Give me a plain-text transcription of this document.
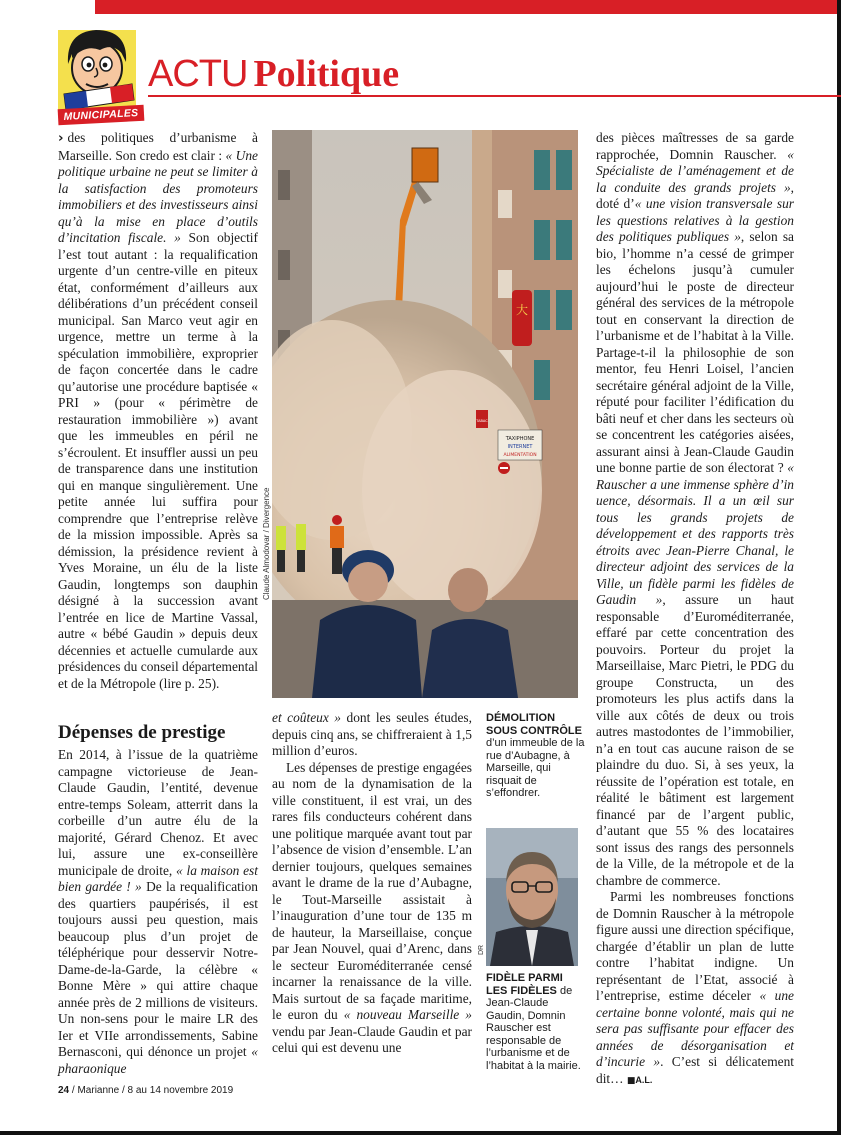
MUNICIPALES
ACTU Politique

› des politiques d’urbanisme à Marseille. Son credo est clair : « Une politique urbaine ne peut se limiter à la satisfaction des promoteurs immobiliers et des investisseurs ainsi qu’à la mise en place d’outils d’incitation fiscale. » Son objectif l’est tout autant : la requalification urgente d’un centre-ville en piteux état, conformément d’ailleurs aux délibérations d’un précédent conseil municipal. San Marco veut agir en urgence, mettre un terme à la spéculation immobilière, exproprier de façon concertée dans le cadre qu’autorise une procédure baptisée « PRI » (pour « périmètre de restauration immobilière ») avant que les immeubles en péril ne s’écroulent. Et insuffler aussi un peu de transparence dans une institution qui en manque singulièrement. Une petite année lui suffira pour comprendre que l’entreprise relève de la mission impossible. Après sa démission, la présidence revient à Yves Moraine, un élu de la liste Gaudin, longtemps son dauphin désigné à la succession avant l’entrée en lice de Martine Vassal, autre « bébé Gaudin » depuis deux décennies et actuelle cumularde aux présidences du conseil départemental et de la Métropole (lire p. 25).

Dépenses de prestige

En 2014, à l’issue de la quatrième campagne victorieuse de Jean-Claude Gaudin, l’entité, devenue entre-temps Soleam, atterrit dans la corbeille d’un autre élu de la majorité, Gérard Chenoz. Et avec lui, assure une ex-conseillère municipale de droite, « la maison est bien gardée ! » De la requalification des quartiers paupérisés, il est toujours aussi peu question, mais beaucoup plus d’un projet de téléphérique pour desservir Notre-Dame-de-la-Garde, la célèbre « Bonne Mère » qui attire chaque année près de 2 millions de visiteurs. Un non-sens pour le maire LR des Ier et VIIe arrondissements, Sabine Bernasconi, qui dénonce un projet « pharaonique

大
TAXIPHONE
INTERNET
ALIMENTATION
TABAC
Claude Almodovar / Divergence

et coûteux » dont les seules études, depuis cinq ans, se chiffreraient à 1,5 million d’euros.

Les dépenses de prestige engagées au nom de la dynamisation de la ville constituent, il est vrai, un des rares fils conducteurs cohérent dans une politique marquée avant tout par l’absence de vision d’ensemble. L’an dernier toujours, quelques semaines avant le drame de la rue d’Aubagne, le Tout-Marseille assistait à l’inauguration d’une tour de 135 m de hauteur, la Marseillaise, conçue par Jean Nouvel, quai d’Arenc, dans le secteur Euroméditerranée censé incarner la renaissance de la ville. Mais surtout de sa façade maritime, le euron du « nouveau Marseille » vendu par Jean-Claude Gaudin et par celui qui est devenu une

DÉMOLITION SOUS CONTRÔLE d’un immeuble de la rue d’Aubagne, à Marseille, qui risquait de s’effondrer.
DR
FIDÈLE PARMI LES FIDÈLES de Jean-Claude Gaudin, Domnin Rauscher est responsable de l’urbanisme et de l’habitat à la mairie.

des pièces maîtresses de sa garde rapprochée, Domnin Rauscher. « Spécialiste de l’aménagement et de la conduite des grands projets », doté d’« une vision transversale sur les questions relatives à la gestion des politiques publiques », selon sa bio, l’homme n’a cessé de grimper les échelons jusqu’à cumuler aujourd’hui le poste de directeur général des services de la métropole tout en conservant la direction de l’urbanisme et de l’habitat à la Ville. Partage-t-il la philosophie de son mentor, feu Henri Loisel, l’ancien secrétaire général adjoint de la Ville, réputé pour faciliter l’édification du bâti neuf et cher dans les secteurs où se concentrent les catégories aisées, assurant ainsi à Jean-Claude Gaudin une bonne partie de son électorat ? « Rauscher a une immense sphère d’in uence, désormais. Il a un œil sur tous les grands projets de développement et des rapports très étroits avec Jean-Pierre Chanal, le directeur adjoint des services de la Ville, un fidèle parmi les fidèles de Gaudin », assure un haut responsable d’Euroméditerranée, effaré par cette concentration des pouvoirs. Porteur du projet la Marseillaise, Marc Pietri, le PDG du groupe Constructa, un des promoteurs les plus actifs dans la ville aux côtés de deux ou trois autres mastodontes de l’immobilier, n’a en tout cas aucune raison de se plaindre du duo. Si, à ses yeux, la réussite de l’opération est totale, en réalité le bâtiment est largement financé par de l’argent public, d’autant que 55 % des locataires sont issus des rangs des personnels de la Ville, de la métropole et de la chambre de commerce.

Parmi les nombreuses fonctions de Domnin Rauscher à la métropole figure aussi une direction spécifique, chargée d’établir un plan de lutte contre l’habitat indigne. Un représentant de l’Etat, associé à l’entreprise, estime déceler « une certaine bonne volonté, mais qui ne sera pas suffisante pour effacer des années de désorganisation et d’incurie ». C’est si délicatement dit… ■A.L.

24 / Marianne / 8 au 14 novembre 2019
